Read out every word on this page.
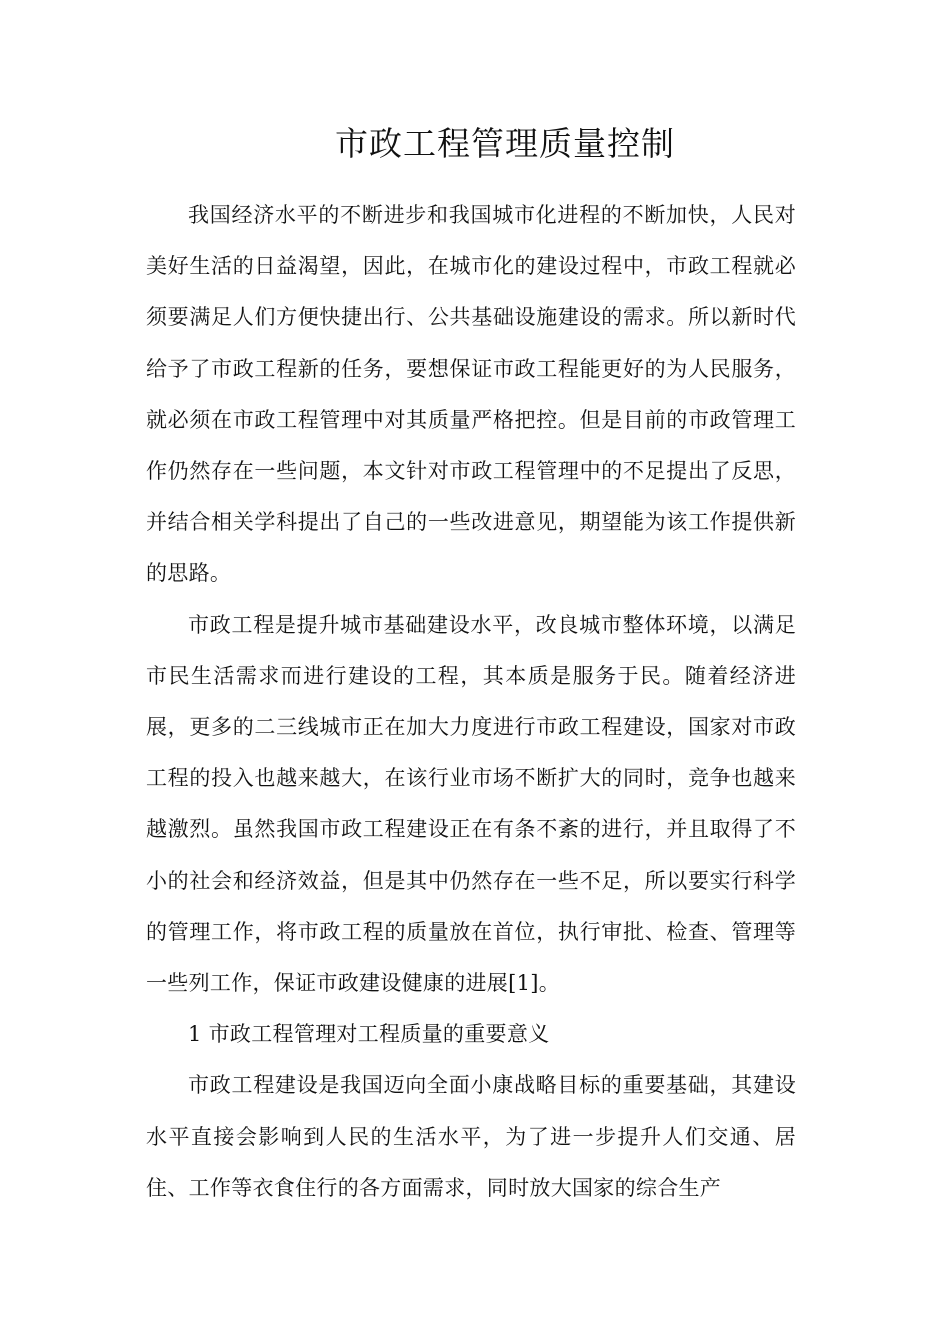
市政工程管理质量控制

我国经济水平的不断进步和我国城市化进程的不断加快，人民对美好生活的日益渴望，因此，在城市化的建设过程中，市政工程就必须要满足人们方便快捷出行、公共基础设施建设的需求。所以新时代给予了市政工程新的任务，要想保证市政工程能更好的为人民服务，就必须在市政工程管理中对其质量严格把控。但是目前的市政管理工作仍然存在一些问题，本文针对市政工程管理中的不足提出了反思，并结合相关学科提出了自己的一些改进意见，期望能为该工作提供新的思路。

市政工程是提升城市基础建设水平，改良城市整体环境，以满足市民生活需求而进行建设的工程，其本质是服务于民。随着经济进展，更多的二三线城市正在加大力度进行市政工程建设，国家对市政工程的投入也越来越大，在该行业市场不断扩大的同时，竞争也越来越激烈。虽然我国市政工程建设正在有条不紊的进行，并且取得了不小的社会和经济效益，但是其中仍然存在一些不足，所以要实行科学的管理工作，将市政工程的质量放在首位，执行审批、检查、管理等一些列工作，保证市政建设健康的进展[1]。

1 市政工程管理对工程质量的重要意义

市政工程建设是我国迈向全面小康战略目标的重要基础，其建设水平直接会影响到人民的生活水平，为了进一步提升人们交通、居住、工作等衣食住行的各方面需求，同时放大国家的综合生产
